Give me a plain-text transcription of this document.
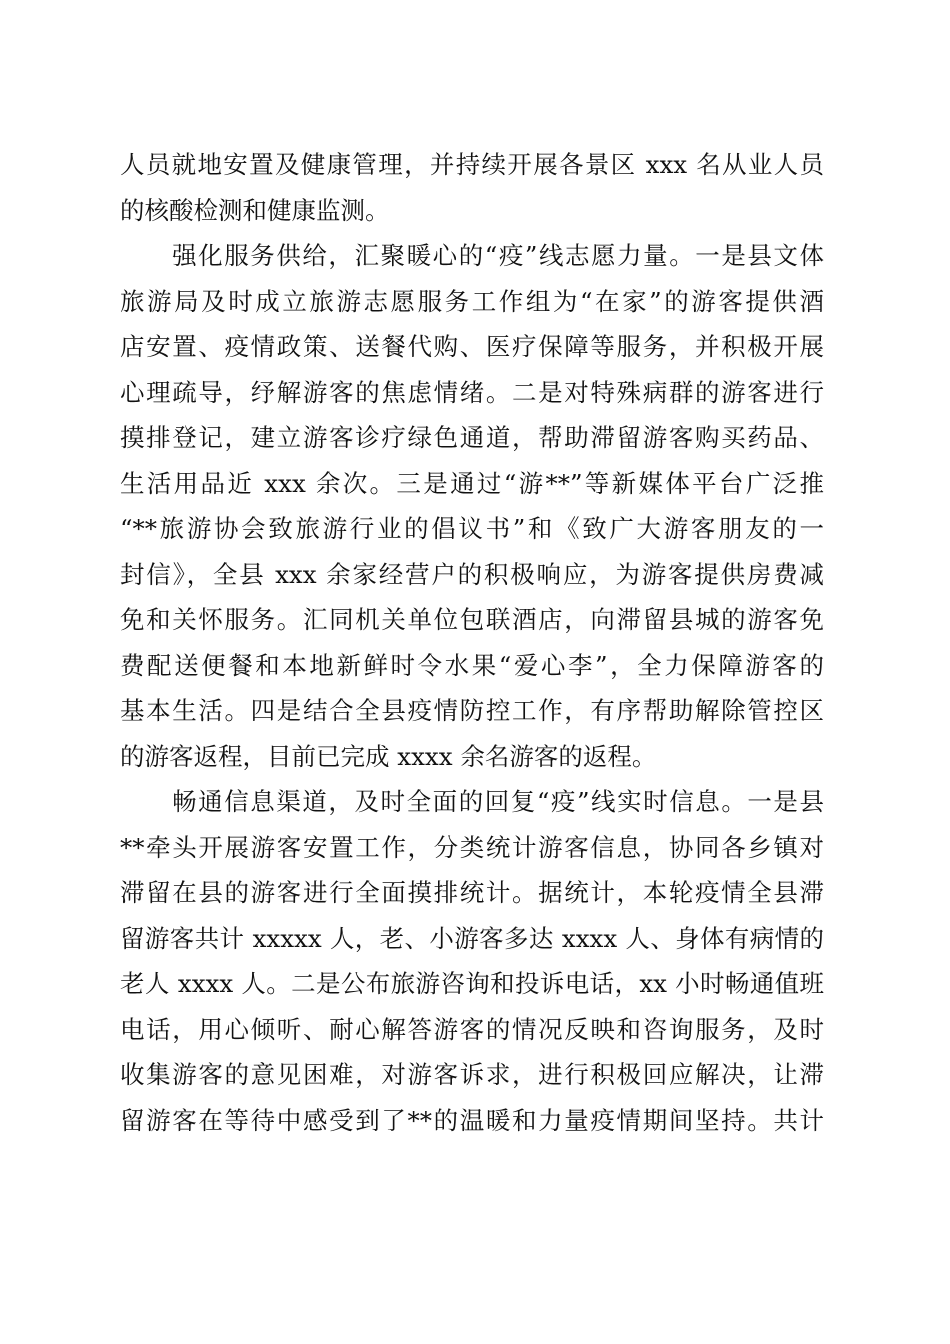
人员就地安置及健康管理，并持续开展各景区 xxx 名从业人员
的核酸检测和健康监测。
　　强化服务供给，汇聚暖心的“疫”线志愿力量。一是县文体
旅游局及时成立旅游志愿服务工作组为“在家”的游客提供酒
店安置、疫情政策、送餐代购、医疗保障等服务，并积极开展
心理疏导，纾解游客的焦虑情绪。二是对特殊病群的游客进行
摸排登记，建立游客诊疗绿色通道，帮助滞留游客购买药品、
生活用品近 xxx 余次。三是通过“游**”等新媒体平台广泛推
“**旅游协会致旅游行业的倡议书”和《致广大游客朋友的一
封信》，全县 xxx 余家经营户的积极响应，为游客提供房费减
免和关怀服务。汇同机关单位包联酒店，向滞留县城的游客免
费配送便餐和本地新鲜时令水果“爱心李”，全力保障游客的
基本生活。四是结合全县疫情防控工作，有序帮助解除管控区
的游客返程，目前已完成 xxxx 余名游客的返程。
　　畅通信息渠道，及时全面的回复“疫”线实时信息。一是县
**牵头开展游客安置工作，分类统计游客信息，协同各乡镇对
滞留在县的游客进行全面摸排统计。据统计，本轮疫情全县滞
留游客共计 xxxxx 人，老、小游客多达 xxxx 人、身体有病情的
老人 xxxx 人。二是公布旅游咨询和投诉电话，xx 小时畅通值班
电话，用心倾听、耐心解答游客的情况反映和咨询服务，及时
收集游客的意见困难，对游客诉求，进行积极回应解决，让滞
留游客在等待中感受到了**的温暖和力量疫情期间坚持。共计
